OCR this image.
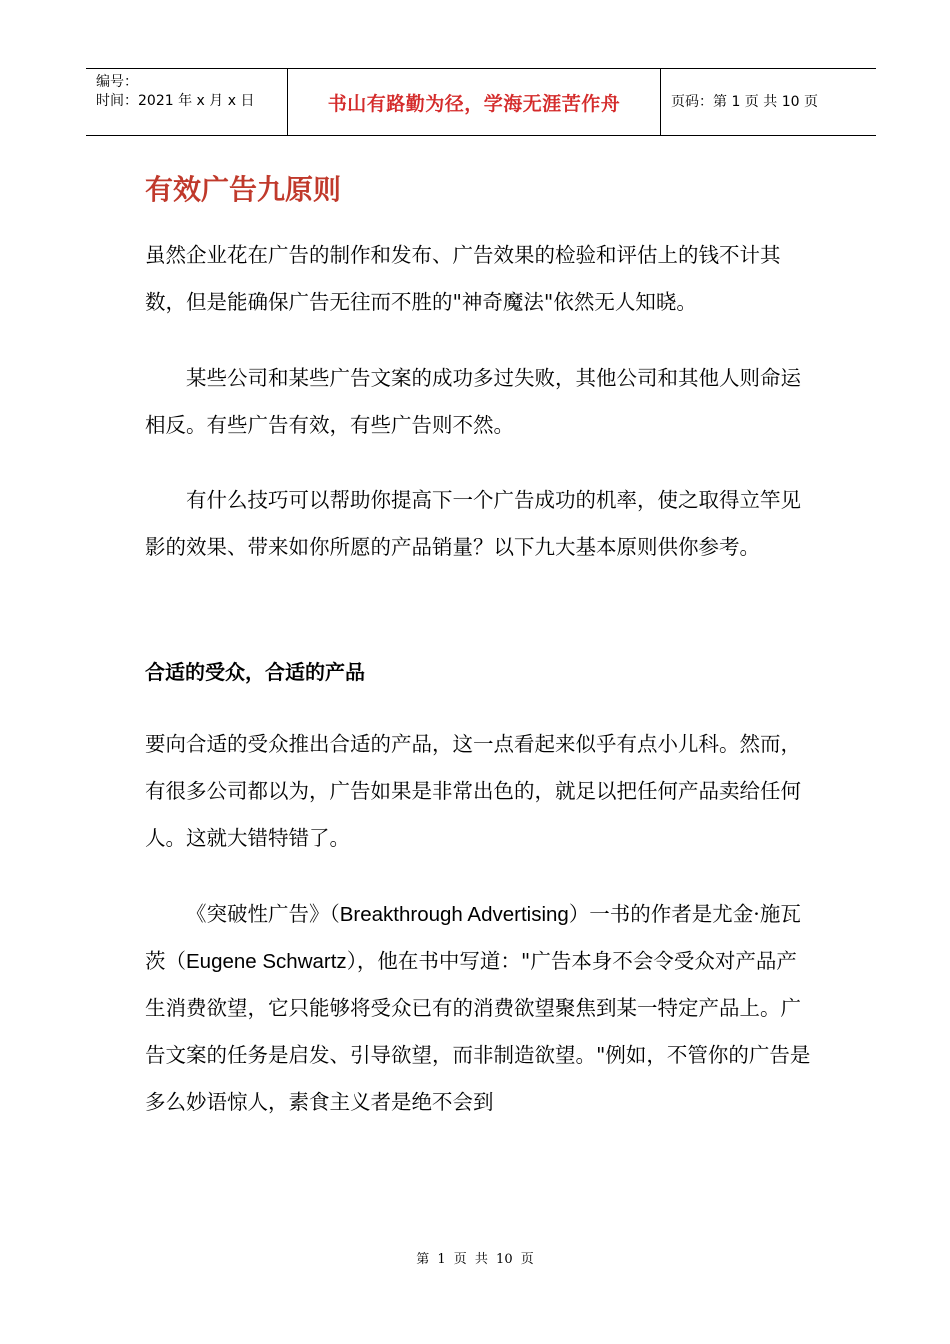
编号：
时间：2021 年 x 月 x 日	书山有路勤为径，学海无涯苦作舟	页码：第 1 页 共 10 页
有效广告九原则

虽然企业花在广告的制作和发布、广告效果的检验和评估上的钱不计其数，但是能确保广告无往而不胜的"神奇魔法"依然无人知晓。

某些公司和某些广告文案的成功多过失败，其他公司和其他人则命运相反。有些广告有效，有些广告则不然。

有什么技巧可以帮助你提高下一个广告成功的机率，使之取得立竿见影的效果、带来如你所愿的产品销量？以下九大基本原则供你参考。

合适的受众，合适的产品

要向合适的受众推出合适的产品，这一点看起来似乎有点小儿科。然而，有很多公司都以为，广告如果是非常出色的，就足以把任何产品卖给任何人。这就大错特错了。

《突破性广告》（Breakthrough Advertising）一书的作者是尤金·施瓦茨（Eugene Schwartz），他在书中写道："广告本身不会令受众对产品产生消费欲望，它只能够将受众已有的消费欲望聚焦到某一特定产品上。广告文案的任务是启发、引导欲望，而非制造欲望。"例如，不管你的广告是多么妙语惊人，素食主义者是绝不会到

第 1 页 共 10 页
